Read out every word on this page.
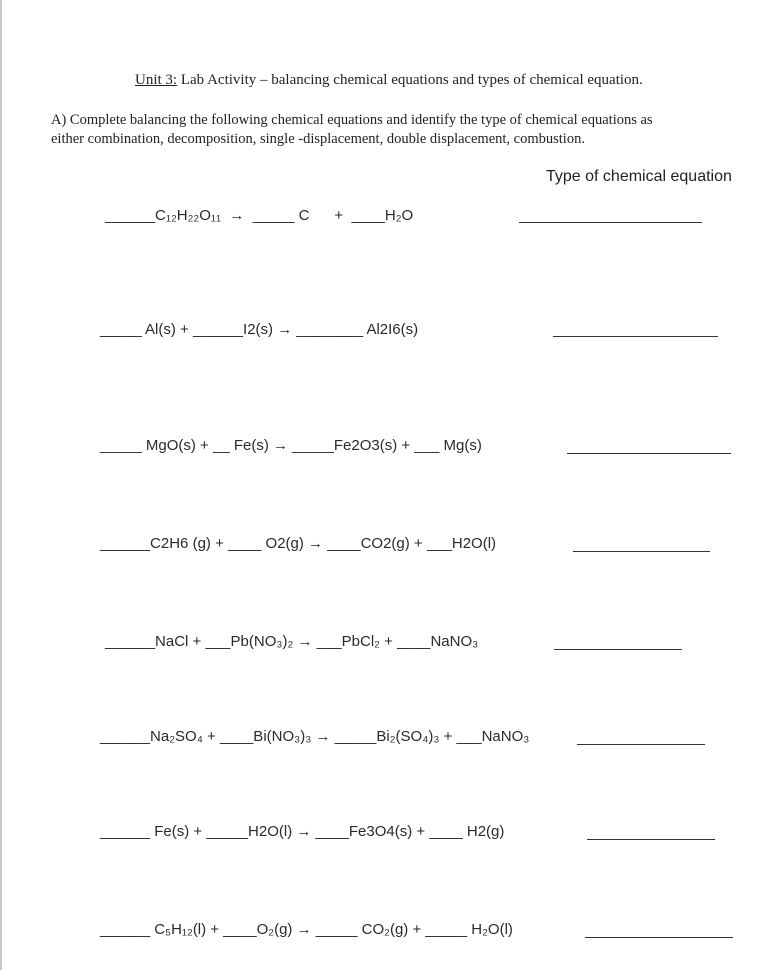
Unit 3: Lab Activity – balancing chemical equations and types of chemical equation.
A) Complete balancing the following chemical equations and identify the type of chemical equations as
either combination, decomposition, single -displacement, double displacement, combustion.
Type of chemical equation
______C₁₂H₂₂O₁₁  →  _____ C      +  ____H₂O
_____ Al(s) + ______I2(s) → ________ Al2I6(s)
_____ MgO(s) + __ Fe(s) → _____Fe2O3(s) + ___ Mg(s)
______C2H6 (g) + ____ O2(g) → ____CO2(g) + ___H2O(l)
______NaCl + ___Pb(NO₃)₂ → ___PbCl₂ + ____NaNO₃
______Na₂SO₄ + ____Bi(NO₃)₃ → _____Bi₂(SO₄)₃ + ___NaNO₃
______ Fe(s) + _____H2O(l) → ____Fe3O4(s) + ____ H2(g)
______ C₅H₁₂(l) + ____O₂(g) → _____ CO₂(g) + _____ H₂O(l)
